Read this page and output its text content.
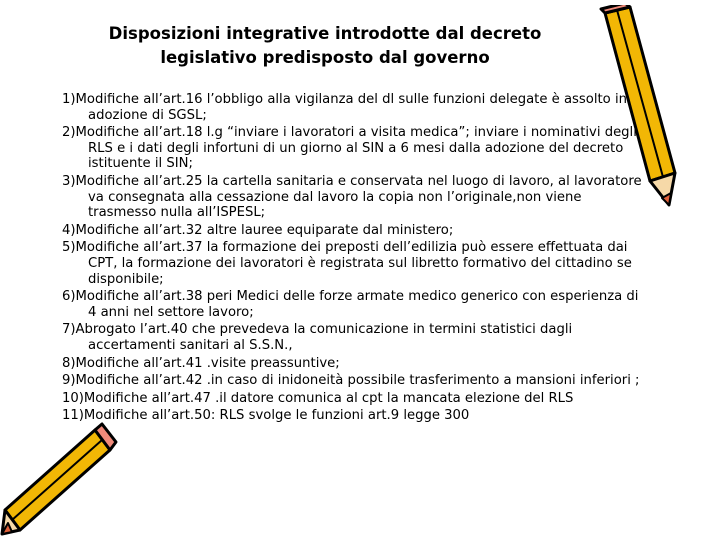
Disposizioni integrative introdotte dal decreto legislativo predisposto dal governo
1)Modifiche all’art.16 l’obbligo alla vigilanza del dl sulle funzioni delegate è assolto in adozione di SGSL;
2)Modifiche all’art.18 l.g “inviare i lavoratori a visita medica”; inviare i nominativi degli RLS e i dati degli infortuni di un giorno al SIN a 6 mesi dalla adozione del decreto istituente il SIN;
3)Modifiche all’art.25 la cartella sanitaria e conservata nel luogo di lavoro, al lavoratore va consegnata alla cessazione dal lavoro la copia non l’originale,non viene trasmesso nulla all’ISPESL;
4)Modifiche all’art.32 altre lauree equiparate dal ministero;
5)Modifiche all’art.37 la formazione dei preposti dell’edilizia può essere effettuata dai CPT, la formazione dei lavoratori è registrata sul libretto formativo del cittadino se disponibile;
6)Modifiche all’art.38 peri Medici delle forze armate medico generico con esperienza di 4 anni nel settore lavoro;
7)Abrogato l’art.40 che prevedeva la comunicazione in termini statistici dagli accertamenti sanitari al S.S.N.,
8)Modifiche all’art.41 .visite preassuntive;
9)Modifiche all’art.42 .in caso di inidoneità possibile trasferimento a mansioni inferiori ;
10)Modifiche all’art.47 .il datore comunica al cpt la mancata elezione del RLS
11)Modifiche all’art.50: RLS svolge le funzioni art.9 legge 300
